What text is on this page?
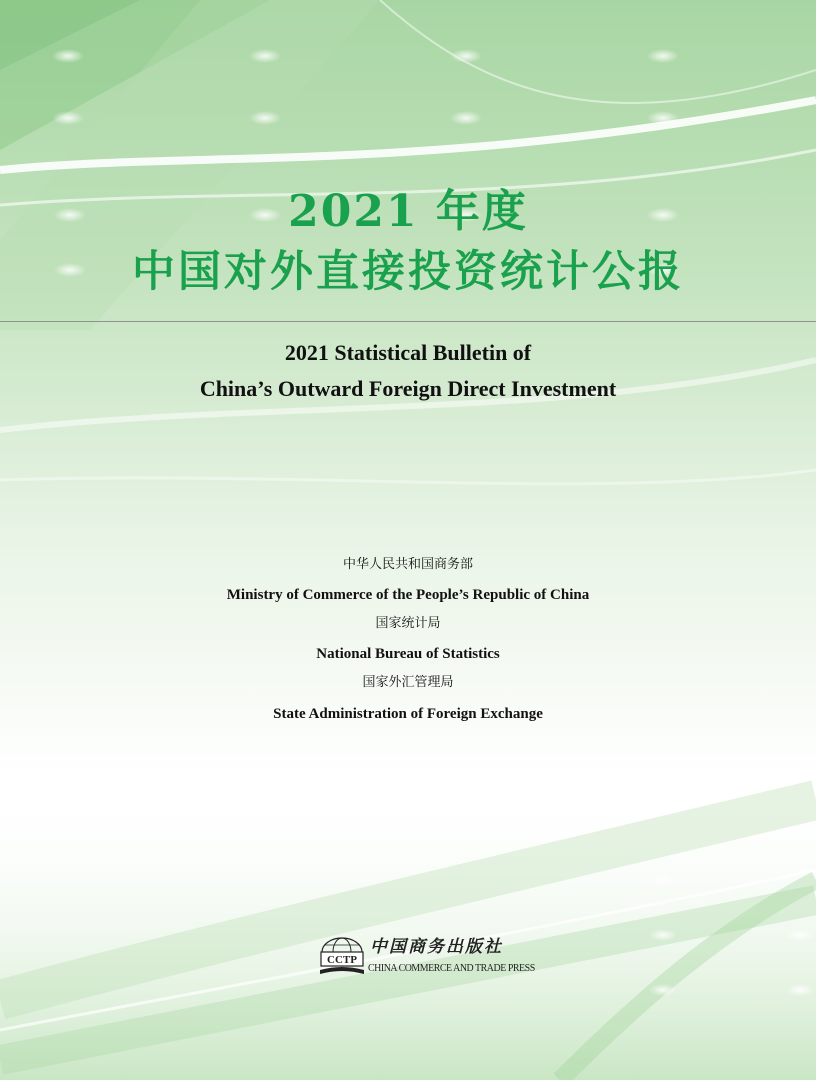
2021 年度
中国对外直接投资统计公报
2021 Statistical Bulletin of
China’s Outward Foreign Direct Investment
中华人民共和国商务部
Ministry of Commerce of the People’s Republic of China
国家统计局
National Bureau of Statistics
国家外汇管理局
State Administration of Foreign Exchange
CCTP
中国商务出版社
CHINA COMMERCE AND TRADE PRESS
